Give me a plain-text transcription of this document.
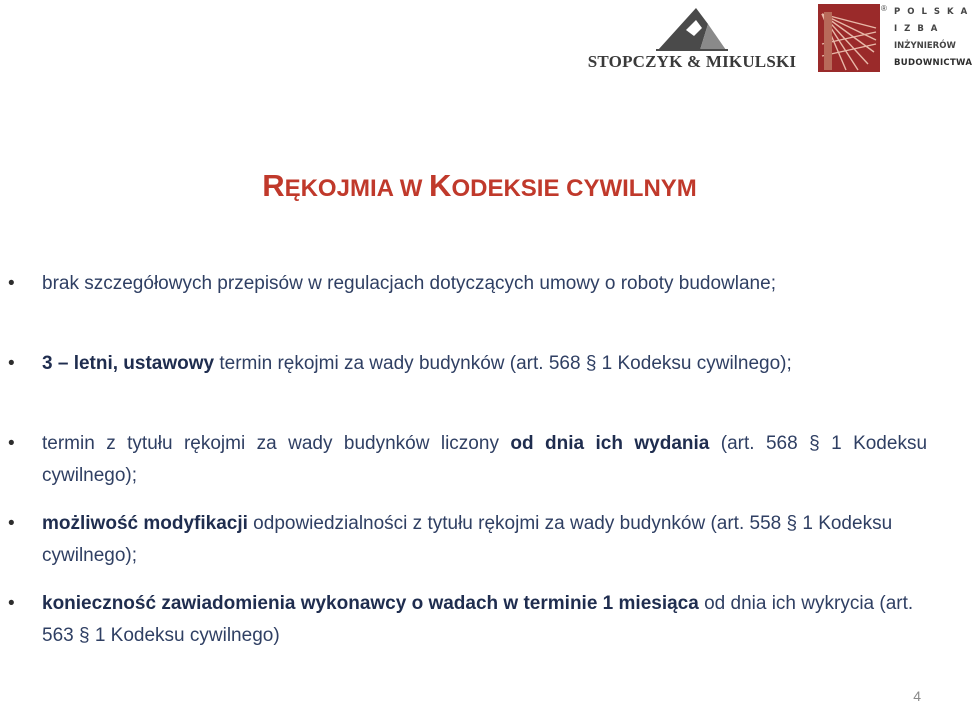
STOPCZYK & MIKULSKI
® POLSKA
IZBA
INŻYNIERÓW
BUDOWNICTWA
RĘKOJMIA W KODEKSIE CYWILNYM
• brak szczegółowych przepisów w regulacjach dotyczących umowy o roboty budowlane;
• 3 – letni, ustawowy termin rękojmi za wady budynków (art. 568 § 1 Kodeksu cywilnego);
• termin z tytułu rękojmi za wady budynków liczony od dnia ich wydania (art. 568 § 1 Kodeksu cywilnego);
• możliwość modyfikacji odpowiedzialności z tytułu rękojmi za wady budynków (art. 558 § 1 Kodeksu cywilnego);
• konieczność zawiadomienia wykonawcy o wadach w terminie 1 miesiąca od dnia ich wykrycia (art. 563 § 1 Kodeksu cywilnego)
4
